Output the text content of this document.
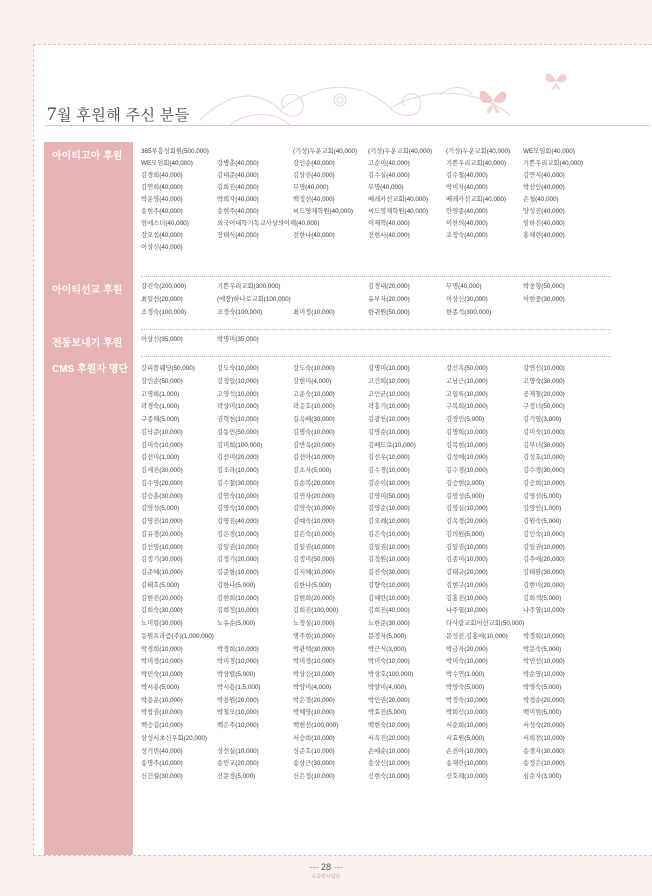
7월 후원해 주신 분들
아이티고아 후원	365부흥성회원(500,000)	(기성)두운교회(40,000) (기성)두운교회(40,000) (기성)두운교회(40,000) WE모임회(40,000)
WE모임회(40,000)	강병춘(40,000)	강인순(40,000)	고순미(40,000)	기쁜우리교회(40,000)	기쁜우리교회(40,000)
김경희(40,000)	김대준(40,000)	김상진(40,000)	김수실(40,000)	김수철(40,000)	김연지(40,000)
김연희(40,000)	김희진(40,000)	무명(40,000)	무명(40,000)	박미자(40,000)	박선인(40,000)
박운영(40,000)	박희자(40,000)	백정선(40,000)	베레카선교회(40,000)	베레카선교회(40,000)	손청(40,000)
송현주(40,000)	송현주(40,000)	씨드영재학원(40,000) 씨드영재학원(40,000)	안영종(40,000)	양성진(40,000)
엄에스더(40,000)	외국어대학기독교사상의이해(40,000)	이재혁(40,000)	이찬의(40,000)	임하진(40,000)
장오섭(40,000)	장태식(40,000)	전한나(40,000)	전현서(40,000)	조정숙(40,000)	홍혜련(40,000)
이상신(40,000)
아이티선교 후원	강진숙(200,000)	기쁜우리교회(300,000)	김경내(20,000)	무명(40,000)	박웅형(50,000)
최일선(20,000)	(에장)하나로교회(100,000)	유부자(20,000)	이상신(30,000)	이현중(30,000)
조경숙(100,000)	조경숙(100,000)	최미정(10,000)	한귀원(50,000)	한종석(300,000)
전동보내기 후원	이상신(35,000)	박명미(35,000)
CMS 후원자 명단	갓피플웨딩(50,000)	강도숙(10,000)	강도숙(10,000)	강명미(10,000)	강신옥(50,000)	강연신(10,000)
강인순(50,000)	강정일(10,000)	강현미(4,000)	고건희(10,000)	고남근(10,000)	고명숙(30,000)
고명희(1,000)	고영석(10,000)	고운숙(10,000)	고인균(10,000)	고일록(10,000)	공재철(20,000)
곽경숙(1,000)	곽상미(10,000)	곽응호(10,000)	곽흥기(10,000)	구복희(10,000)	구정너(50,000)
구종해(5,000)	권혁천(10,000)	길옥배(30,000)	김광천(10,000)	김경민(5,000)	김기열(3,000)
김낙준(10,000)	김동민(50,000)	김명숙(10,000)	김명순(10,000)	김명희(10,000)	김미숙(10,000)
김미숙(10,000)	김미희(100,000)	김반옥(20,000)	김베드로(10,000)	김복현(10,000)	김부녀(30,000)
김선미(1,000)	김선미(20,000)	김선아(10,000)	김선우(10,000)	김성애(10,000)	김성호(10,000)
김세진(30,000)	김소라(10,000)	김소자(5,000)	김수경(10,000)	김수경(10,000)	김수경(30,000)
김수영(20,000)	김수철(30,000)	김순복(20,000)	김순이(10,000)	김승현(2,000)	김승희(10,000)
김승훈(30,000)	김연숙(10,000)	김연자(20,000)	김영미(50,000)	김영성(5,000)	김영선(5,000)
김영성(5,000)	김영숙(10,000)	김영숙(10,000)	김영순(10,000)	김영실(10,000)	김영인(1,000)
김영진(10,000)	김영진(40,000)	김예숙(10,000)	김오례(10,000)	김옥경(20,000)	김원숙(5,000)
김유경(20,000)	김은경(10,000)	김은숙(10,000)	김은숙(10,000)	김의원(5,000)	김인숙(10,000)
김인영(10,000)	김일권(10,000)	김일권(10,000)	김일권(10,000)	김일권(10,000)	김일권(10,000)
김정기(30,000)	김정기(20,000)	김정미(50,000)	김정원(10,000)	김종미(10,000)	김주애(20,000)
김준혜(10,000)	김준항(10,000)	김지혜(10,000)	김진숙(30,000)	김태규(20,000)	김태완(30,000)
김태호(5,000)	김한나(5,000)	김한나(5,000)	김향숙(10,000)	김현구(10,000)	김현미(20,000)
김현진(20,000)	김현희(10,000)	김현희(20,000)	김혜란(10,000)	김홍진(10,000)	김희색(5,000)
김희숙(30,000)	김희정(10,000)	김희진(100,000)	김희진(40,000)	나주열(10,000)	나주열(10,000)
노미령(30,000)	노유순(5,000)	노정실(10,000)	노한준(30,000)	다사랑교회어선교회(50,000)
동원프라즘(주)(1,000,000)	명주현(10,000)	문경자(5,000)	문성진,김홍애(10,000) 박경희(10,000)
박경희(10,000)	박경희(10,000)	박관택(30,000)	박근식(3,000)	박금자(20,000)	박문숙(5,000)
박미경(10,000)	박미경(10,000)	박미경(10,000)	박미숙(10,000)	박미숙(10,000)	박민선(10,000)
박민숙(10,000)	박상렬(5,000)	박상신(10,000)	박상호(100,000)	박수연(1,000)	박순영(10,000)
박시용(5,000)	박시용(1,5,000)	박양미(4,000)	박양미(4,000)	박영숙(5,000)	박영숙(5,000)
박용운(10,000)	박용원(20,000)	박은경(20,000)	박인권(20,000)	박정숙(10,000)	박정순(20,000)
박창권(10,000)	박철모(10,000)	박혜영(10,000)	박효진(5,000)	박희신(10,000)	백미현(5,000)
백승길(10,000)	백은주(10,000)	백현선(100,000)	백현숙(10,000)	서순희(10,000)	서성숙(20,000)
삼성서초신우회(20,000)	서승희(10,000)	서옥진(20,000)	서효원(5,000)	서희전(10,000)
성기빈(40,000)	성선실(10,000)	성준호(10,000)	손애순(10,000)	손진아(10,000)	송경자(30,000)
송명주(10,000)	송민교(20,000)	송상근(30,000)	송상신(10,000)	송재란(10,000)	송정은(10,000)
신건월(30,000)	신문경(5,000)	신은정(10,000)	신현숙(10,000)	신호례(10,000)	심순자(3,000)
··· 28 ···
소중한사람들
